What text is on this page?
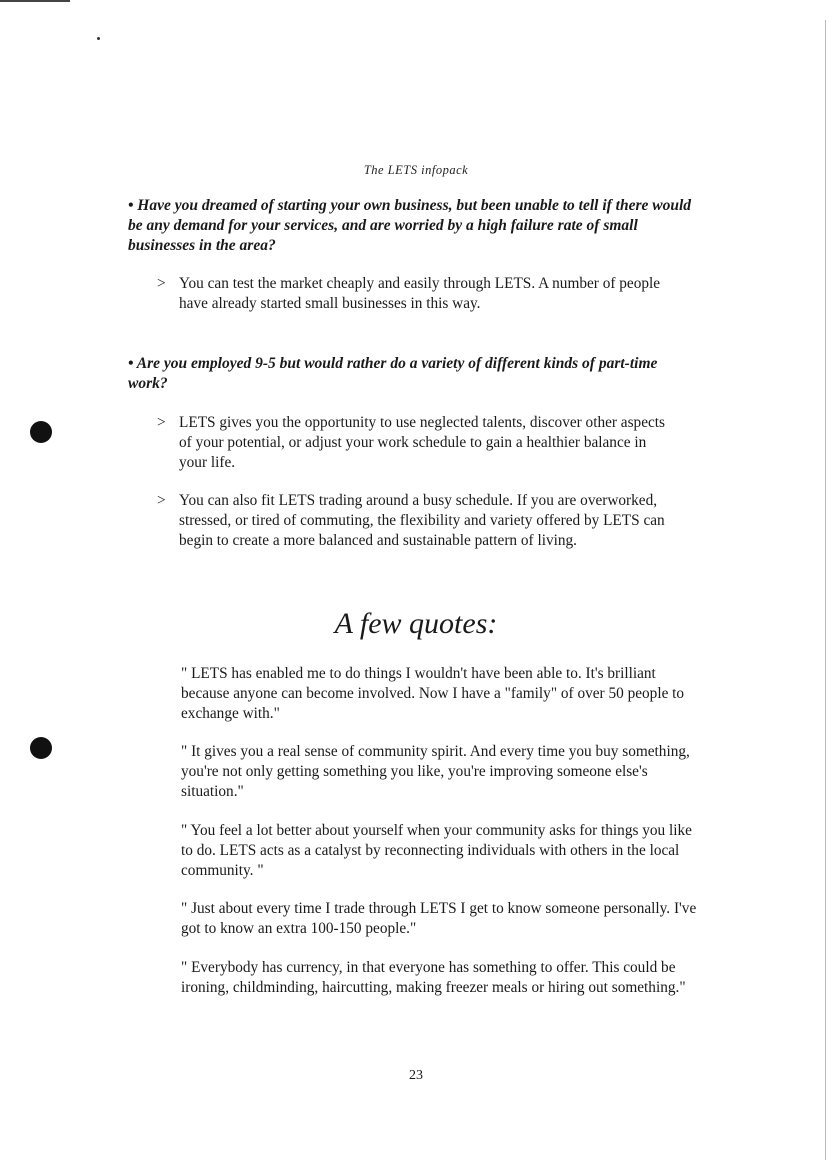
The LETS infopack

• Have you dreamed of starting your own business, but been unable to tell if there would be any demand for your services, and are worried by a high failure rate of small businesses in the area?

> You can test the market cheaply and easily through LETS. A number of people have already started small businesses in this way.

• Are you employed 9-5 but would rather do a variety of different kinds of part-time work?

> LETS gives you the opportunity to use neglected talents, discover other aspects of your potential, or adjust your work schedule to gain a healthier balance in your life.
> You can also fit LETS trading around a busy schedule. If you are overworked, stressed, or tired of commuting, the flexibility and variety offered by LETS can begin to create a more balanced and sustainable pattern of living.
A few quotes:

" LETS has enabled me to do things I wouldn't have been able to. It's brilliant because anyone can become involved. Now I have a "family" of over 50 people to exchange with."

" It gives you a real sense of community spirit. And every time you buy something, you're not only getting something you like, you're improving someone else's situation."

" You feel a lot better about yourself when your community asks for things you like to do. LETS acts as a catalyst by reconnecting individuals with others in the local community. "

" Just about every time I trade through LETS I get to know someone personally. I've got to know an extra 100-150 people."

" Everybody has currency, in that everyone has something to offer. This could be ironing, childminding, haircutting, making freezer meals or hiring out something."

23
